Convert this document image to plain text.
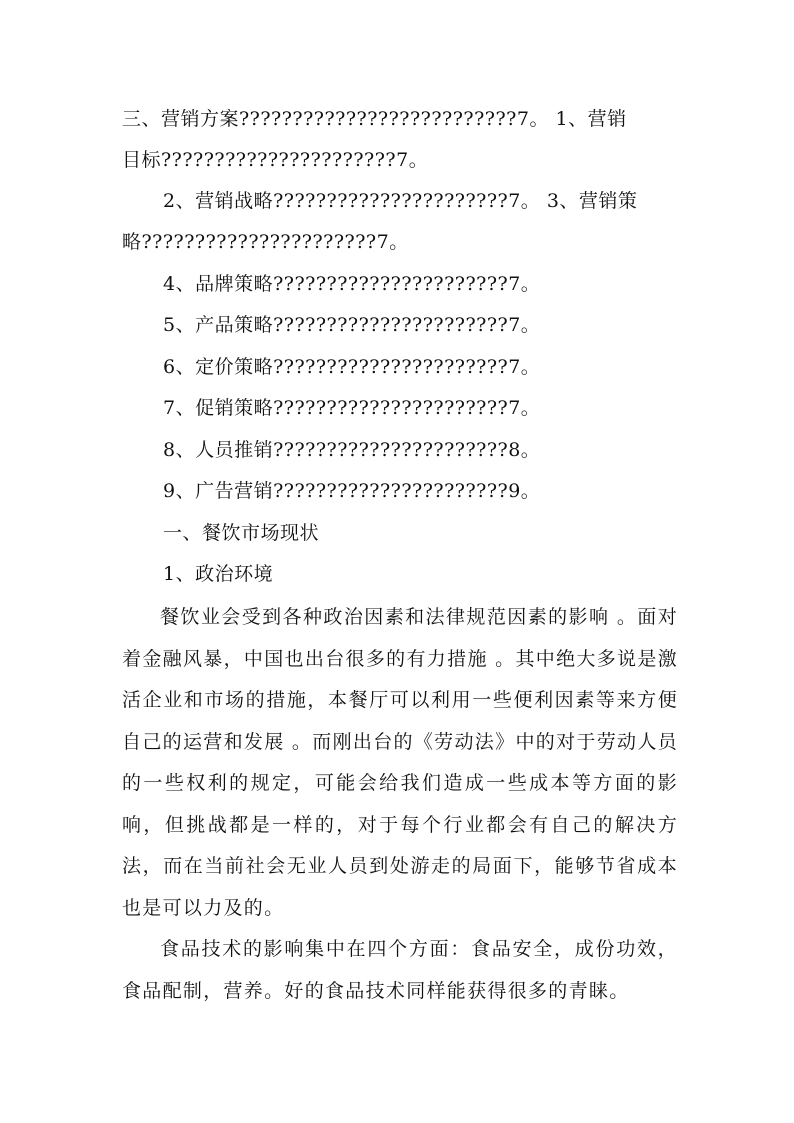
三、营销方案??????????????????????????7。 1、营销
目标??????????????????????7。
2、营销战略??????????????????????7。 3、营销策
略??????????????????????7。
4、品牌策略??????????????????????7。
5、产品策略??????????????????????7。
6、定价策略??????????????????????7。
7、促销策略??????????????????????7。
8、人员推销??????????????????????8。
9、广告营销??????????????????????9。
一、餐饮市场现状
1、政治环境
餐饮业会受到各种政治因素和法律规范因素的影响 。面对着金融风暴，中国也出台很多的有力措施 。其中绝大多说是激活企业和市场的措施，本餐厅可以利用一些便利因素等来方便自己的运营和发展 。而刚出台的《劳动法》中的对于劳动人员的一些权利的规定，可能会给我们造成一些成本等方面的影响，但挑战都是一样的，对于每个行业都会有自己的解决方法，而在当前社会无业人员到处游走的局面下，能够节省成本也是可以力及的。
食品技术的影响集中在四个方面：食品安全，成份功效，食品配制，营养。好的食品技术同样能获得很多的青睐。
